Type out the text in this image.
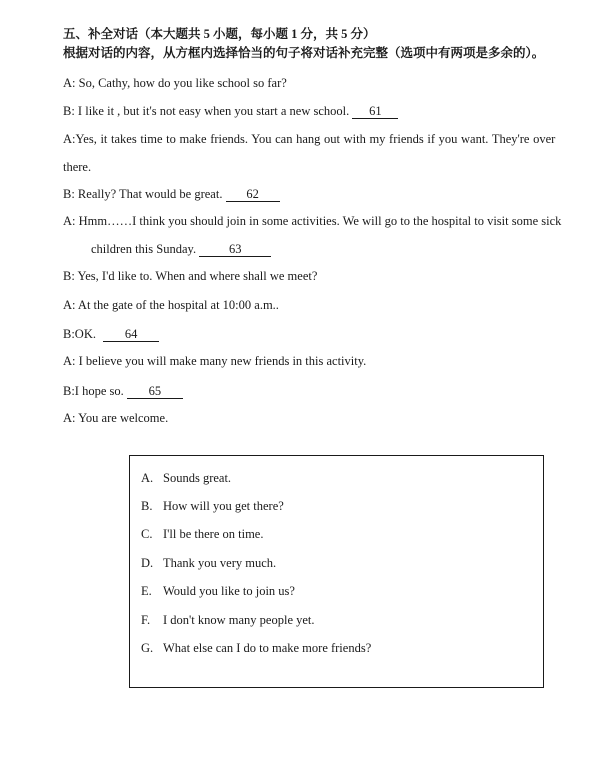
五、补全对话（本大题共 5 小题，每小题 1 分，共 5 分）
根据对话的内容，从方框内选择恰当的句子将对话补充完整（选项中有两项是多余的）。
A: So, Cathy, how do you like school so far?
B: I like it , but it's not easy when you start a new school. 61
A:Yes, it takes time to make friends. You can hang out with my friends if you want. They're over
there.
B: Really? That would be great. 62
A: Hmm……I think you should join in some activities. We will go to the hospital to visit some sick
children this Sunday.	63
B: Yes, I'd like to. When and where shall we meet?
A: At the gate of the hospital at 10:00 a.m..
B:OK. 64
A: I believe you will make many new friends in this activity.
B:I hope so. 65
A: You are welcome.
A. Sounds great.
B. How will you get there?
C. I'll be there on time.
D. Thank you very much.
E. Would you like to join us?
F. I don't know many people yet.
G. What else can I do to make more friends?
